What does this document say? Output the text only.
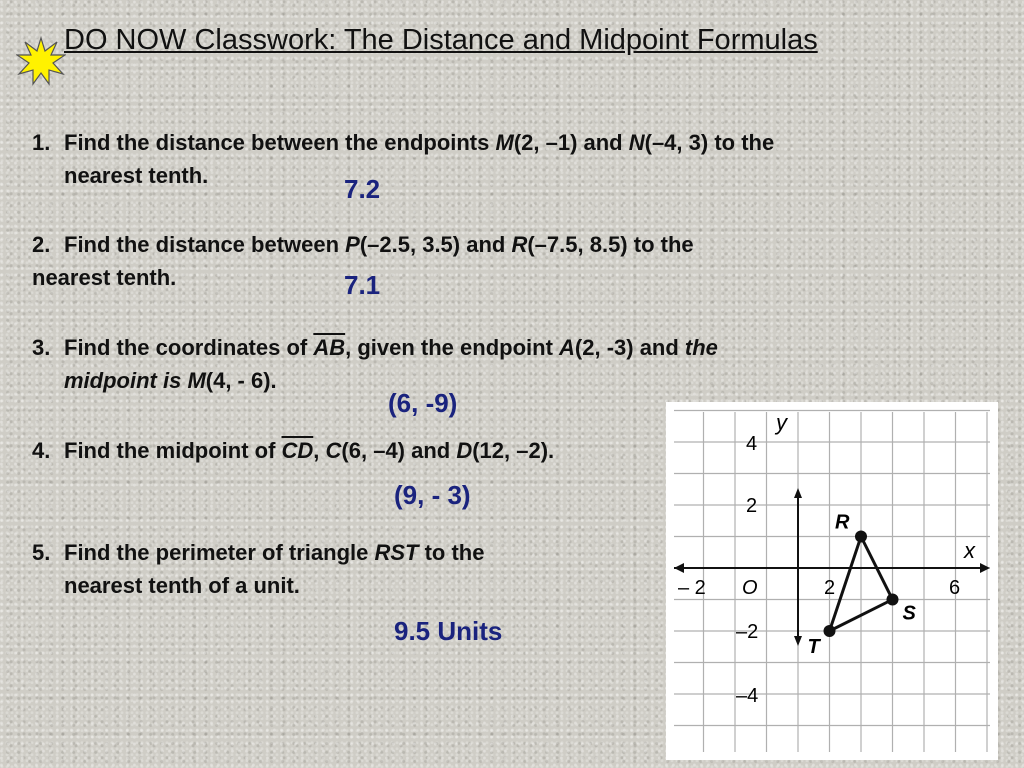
DO NOW Classwork: The Distance and Midpoint Formulas
1. Find the distance between the endpoints M(2, –1) and N(–4, 3) to the
nearest tenth.	7.2
2. Find the distance between P(–2.5, 3.5) and R(–7.5, 8.5) to the
nearest tenth.	7.1
3. Find the coordinates of $\overline{AB}$, given the endpoint A(2, -3) and the
midpoint is M(4, - 6).
(6, -9)
4. Find the midpoint of $\overline{CD}$, C(6, –4) and D(12, –2).
(9, - 3)
5. Find the perimeter of triangle RST to the
nearest tenth of a unit.
9.5 Units
R
S
T
x
y
– 2 O	2	6
4
2
–2
–4
